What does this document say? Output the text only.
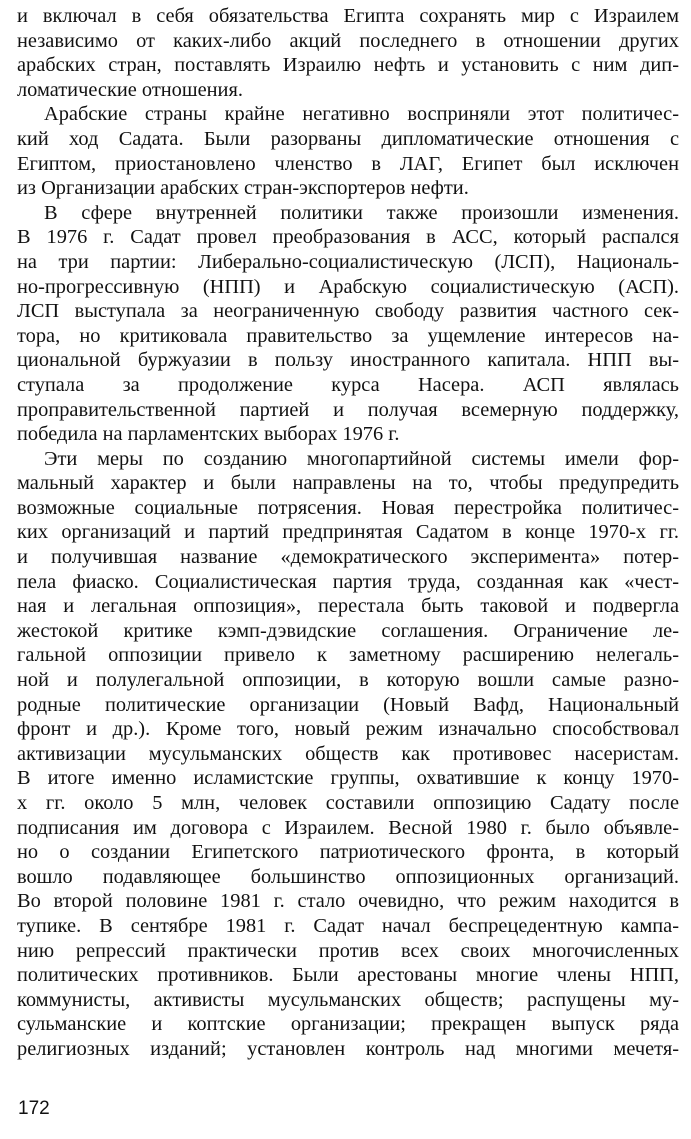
и включал в себя обязательства Египта сохранять мир с Израилем
независимо от каких-либо акций последнего в отношении других
арабских стран, поставлять Израилю нефть и установить с ним дип-
ломатические отношения.
Арабские страны крайне негативно восприняли этот политичес-
кий ход Садата. Были разорваны дипломатические отношения с
Египтом, приостановлено членство в ЛАГ, Египет был исключен
из Организации арабских стран-экспортеров нефти.
В сфере внутренней политики также произошли изменения.
В 1976 г. Садат провел преобразования в АСС, который распался
на три партии: Либерально-социалистическую (ЛСП), Националь-
но-прогрессивную (НПП) и Арабскую социалистическую (АСП).
ЛСП выступала за неограниченную свободу развития частного сек-
тора, но критиковала правительство за ущемление интересов на-
циональной буржуазии в пользу иностранного капитала. НПП вы-
ступала за продолжение курса Насера. АСП являлась
проправительственной партией и получая всемерную поддержку,
победила на парламентских выборах 1976 г.
Эти меры по созданию многопартийной системы имели фор-
мальный характер и были направлены на то, чтобы предупредить
возможные социальные потрясения. Новая перестройка политичес-
ких организаций и партий предпринятая Садатом в конце 1970-х гг.
и получившая название «демократического эксперимента» потер-
пела фиаско. Социалистическая партия труда, созданная как «чест-
ная и легальная оппозиция», перестала быть таковой и подвергла
жестокой критике кэмп-дэвидские соглашения. Ограничение ле-
гальной оппозиции привело к заметному расширению нелегаль-
ной и полулегальной оппозиции, в которую вошли самые разно-
родные политические организации (Новый Вафд, Национальный
фронт и др.). Кроме того, новый режим изначально способствовал
активизации мусульманских обществ как противовес насеристам.
В итоге именно исламистские группы, охватившие к концу 1970-
х гг. около 5 млн, человек составили оппозицию Садату после
подписания им договора с Израилем. Весной 1980 г. было объявле-
но о создании Египетского патриотического фронта, в который
вошло подавляющее большинство оппозиционных организаций.
Во второй половине 1981 г. стало очевидно, что режим находится в
тупике. В сентябре 1981 г. Садат начал беспрецедентную кампа-
нию репрессий практически против всех своих многочисленных
политических противников. Были арестованы многие члены НПП,
коммунисты, активисты мусульманских обществ; распущены му-
сульманские и коптские организации; прекращен выпуск ряда
религиозных изданий; установлен контроль над многими мечетя-
172
